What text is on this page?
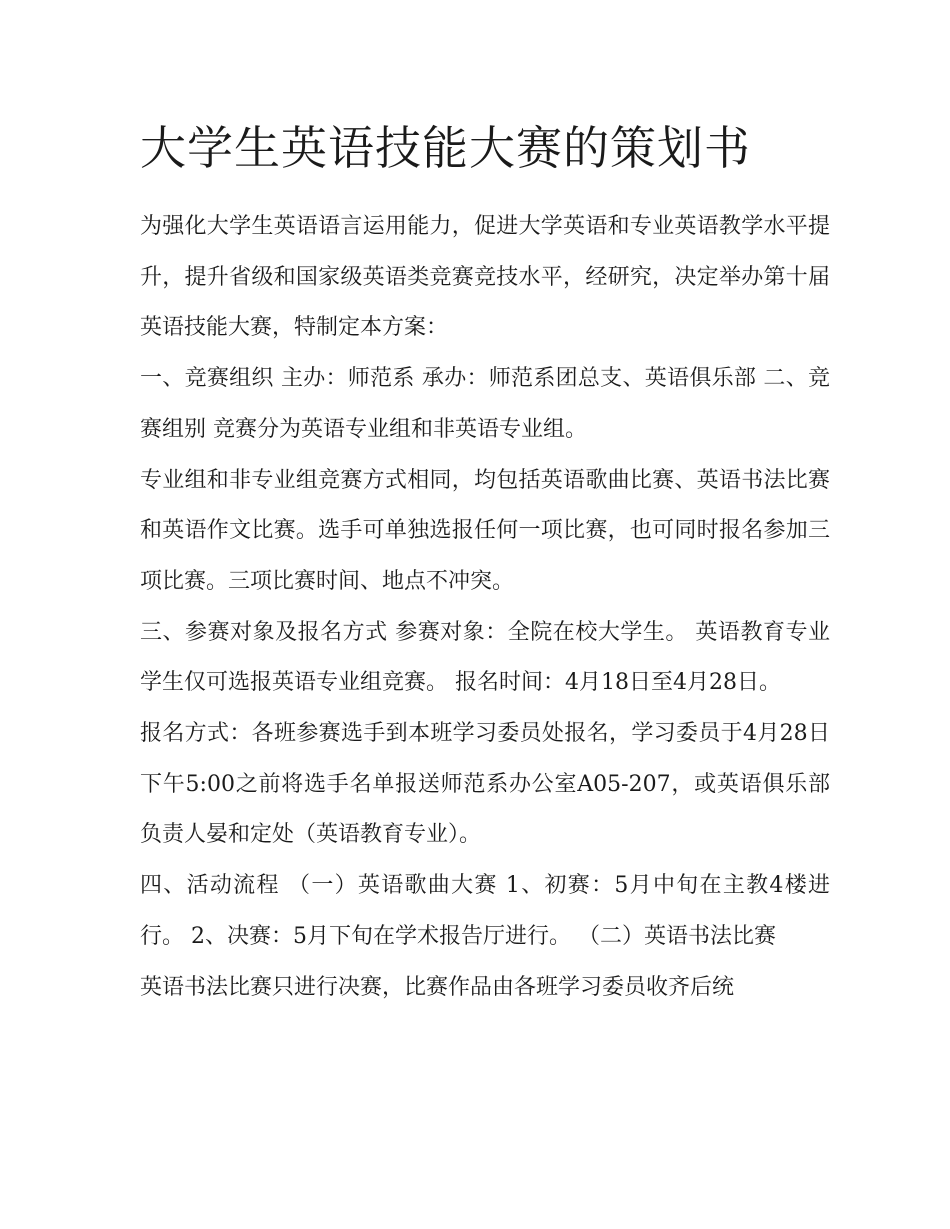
大学生英语技能大赛的策划书

为强化大学生英语语言运用能力，促进大学英语和专业英语教学水平提升，提升省级和国家级英语类竞赛竞技水平，经研究，决定举办第十届英语技能大赛，特制定本方案：

一、竞赛组织 主办：师范系 承办：师范系团总支、英语俱乐部 二、竞赛组别 竞赛分为英语专业组和非英语专业组。

专业组和非专业组竞赛方式相同，均包括英语歌曲比赛、英语书法比赛和英语作文比赛。选手可单独选报任何一项比赛，也可同时报名参加三项比赛。三项比赛时间、地点不冲突。

三、参赛对象及报名方式 参赛对象：全院在校大学生。 英语教育专业学生仅可选报英语专业组竞赛。 报名时间：4月18日至4月28日。

报名方式：各班参赛选手到本班学习委员处报名，学习委员于4月28日下午5:00之前将选手名单报送师范系办公室A05-207，或英语俱乐部负责人晏和定处（英语教育专业）。

四、活动流程 （一）英语歌曲大赛 1、初赛：5月中旬在主教4楼进行。 2、决赛：5月下旬在学术报告厅进行。 （二）英语书法比赛

英语书法比赛只进行决赛，比赛作品由各班学习委员收齐后统
